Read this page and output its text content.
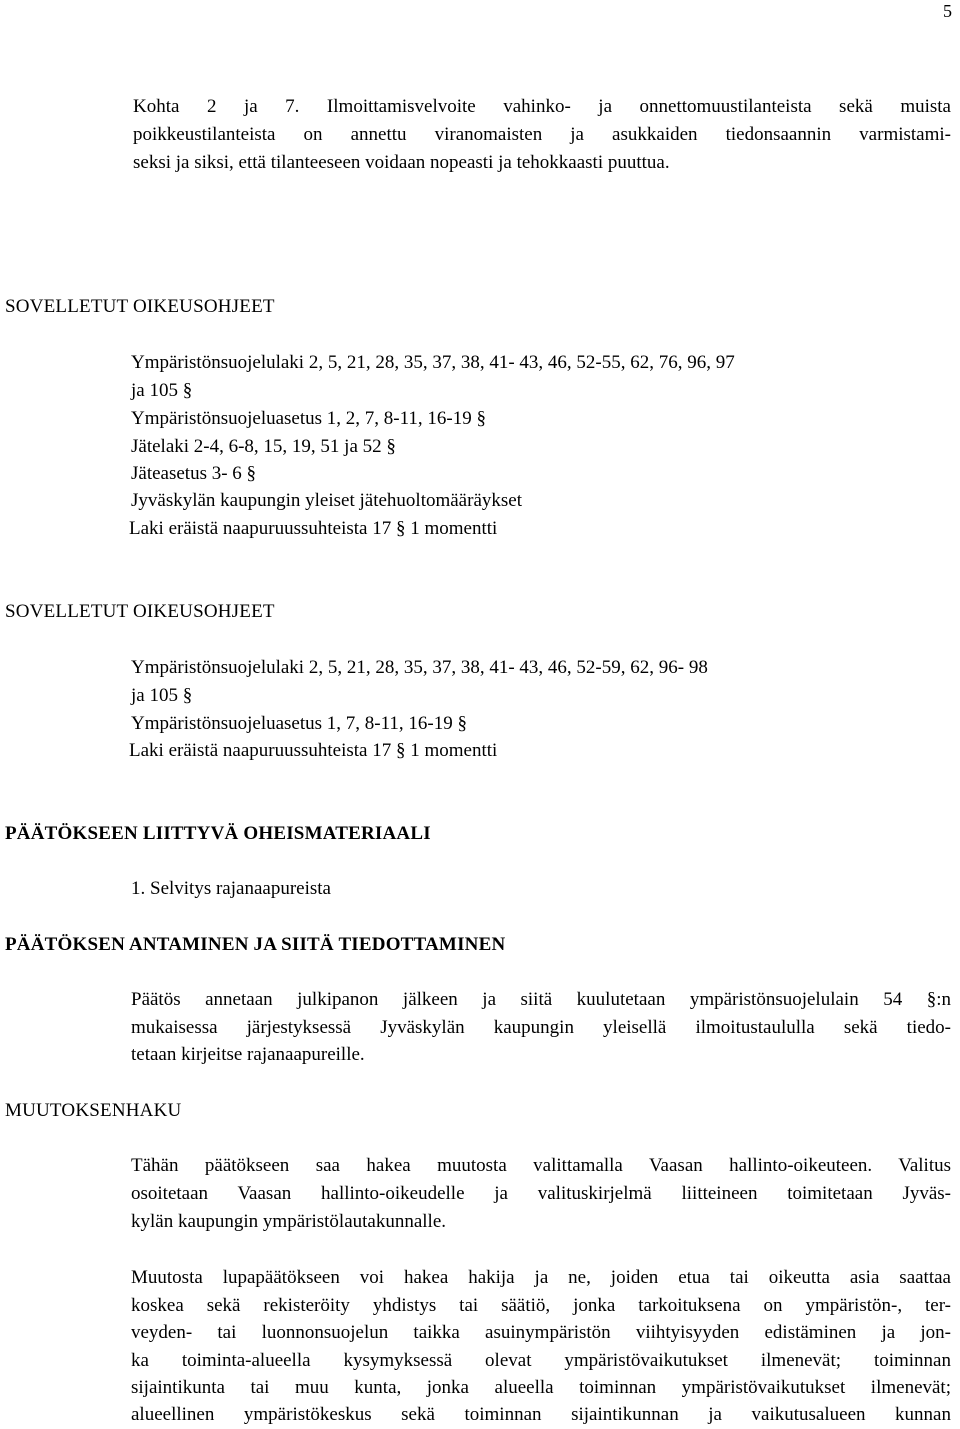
5
Kohta 2 ja 7. Ilmoittamisvelvoite vahinko- ja onnettomuustilanteista sekä muista
poikkeustilanteista on annettu viranomaisten ja asukkaiden tiedonsaannin varmistami-
seksi ja siksi, että tilanteeseen voidaan nopeasti ja tehokkaasti puuttua.
SOVELLETUT OIKEUSOHJEET
Ympäristönsuojelulaki 2, 5, 21, 28, 35, 37, 38, 41- 43, 46, 52-55, 62, 76, 96, 97
ja 105 §
Ympäristönsuojeluasetus 1, 2, 7, 8-11, 16-19 §
Jätelaki 2-4, 6-8, 15, 19, 51 ja 52 §
Jäteasetus 3- 6 §
Jyväskylän kaupungin yleiset jätehuoltomääräykset
Laki eräistä naapuruussuhteista 17 § 1 momentti
SOVELLETUT OIKEUSOHJEET
Ympäristönsuojelulaki 2, 5, 21, 28, 35, 37, 38, 41- 43, 46, 52-59, 62, 96- 98
ja 105 §
Ympäristönsuojeluasetus 1, 7, 8-11, 16-19 §
Laki eräistä naapuruussuhteista 17 § 1 momentti
PÄÄTÖKSEEN LIITTYVÄ OHEISMATERIAALI
1. Selvitys rajanaapureista
PÄÄTÖKSEN ANTAMINEN JA SIITÄ TIEDOTTAMINEN
Päätös annetaan julkipanon jälkeen ja siitä kuulutetaan ympäristönsuojelulain 54 §:n
mukaisessa järjestyksessä Jyväskylän kaupungin yleisellä ilmoitustaululla sekä tiedo-
tetaan kirjeitse rajanaapureille.
MUUTOKSENHAKU
Tähän päätökseen saa hakea muutosta valittamalla Vaasan hallinto-oikeuteen. Valitus
osoitetaan Vaasan hallinto-oikeudelle ja valituskirjelmä liitteineen toimitetaan Jyväs-
kylän kaupungin ympäristölautakunnalle.
Muutosta lupapäätökseen voi hakea hakija ja ne, joiden etua tai oikeutta asia saattaa
koskea sekä rekisteröity yhdistys tai säätiö, jonka tarkoituksena on ympäristön-, ter-
veyden- tai luonnonsuojelun taikka asuinympäristön viihtyisyyden edistäminen ja jon-
ka toiminta-alueella kysymyksessä olevat ympäristövaikutukset ilmenevät; toiminnan
sijaintikunta tai muu kunta, jonka alueella toiminnan ympäristövaikutukset ilmenevät;
alueellinen ympäristökeskus sekä toiminnan sijaintikunnan ja vaikutusalueen kunnan
